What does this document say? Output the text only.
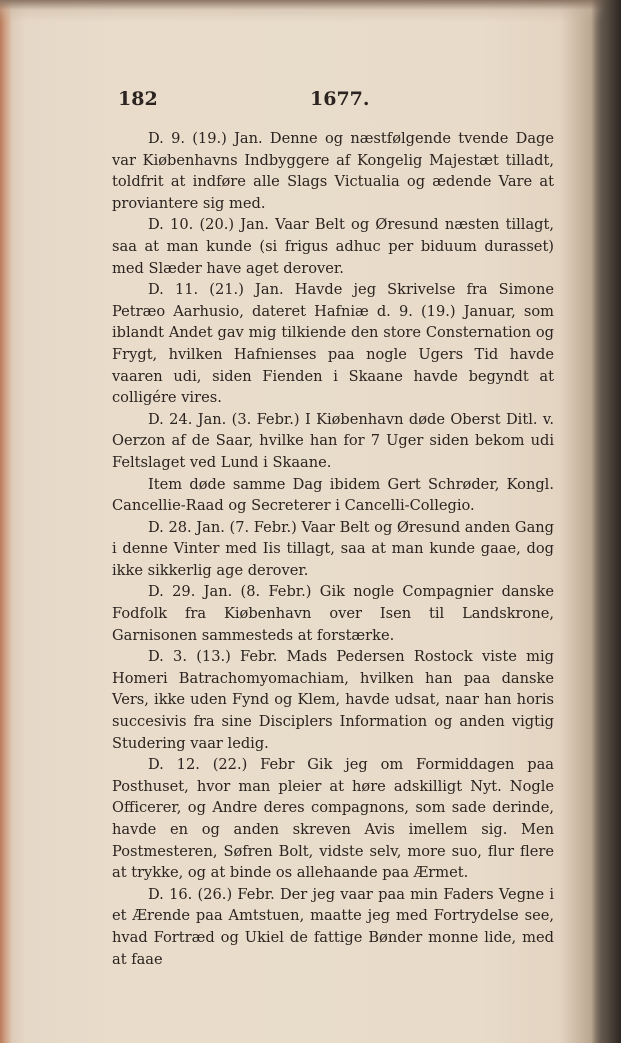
182	1677.

D. 9. (19.) Jan. Denne og næstfølgende tvende Dage var Kiøbenhavns Indbyggere af Kongelig Majestæt tilladt, toldfrit at indføre alle Slags Victualia og ædende Vare at proviantere sig med.

D. 10. (20.) Jan. Vaar Belt og Øresund næsten tillagt, saa at man kunde (si frigus adhuc per biduum durasset) med Slæder have aget derover.

D. 11. (21.) Jan. Havde jeg Skrivelse fra Simone Petræo Aarhusio, dateret Hafniæ d. 9. (19.) Januar, som iblandt Andet gav mig tilkiende den store Consternation og Frygt, hvilken Hafnienses paa nogle Ugers Tid havde vaaren udi, siden Fienden i Skaane havde begyndt at colligére vires.

D. 24. Jan. (3. Febr.) I Kiøbenhavn døde Oberst Ditl. v. Oerzon af de Saar, hvilke han for 7 Uger siden bekom udi Feltslaget ved Lund i Skaane.

Item døde samme Dag ibidem Gert Schrøder, Kongl. Cancellie-Raad og Secreterer i Cancelli-Collegio.

D. 28. Jan. (7. Febr.) Vaar Belt og Øresund anden Gang i denne Vinter med Iis tillagt, saa at man kunde gaae, dog ikke sikkerlig age derover.

D. 29. Jan. (8. Febr.) Gik nogle Compagnier danske Fodfolk fra Kiøbenhavn over Isen til Landskrone, Garnisonen sammesteds at forstærke.

D. 3. (13.) Febr. Mads Pedersen Rostock viste mig Homeri Batrachomyomachiam, hvilken han paa danske Vers, ikke uden Fynd og Klem, havde udsat, naar han horis succesivis fra sine Disciplers Information og anden vigtig Studering vaar ledig.

D. 12. (22.) Febr Gik jeg om Formiddagen paa Posthuset, hvor man pleier at høre adskilligt Nyt. Nogle Officerer, og Andre deres compagnons, som sade derinde, havde en og anden skreven Avis imellem sig. Men Postmesteren, Søfren Bolt, vidste selv, more suo, flur flere at trykke, og at binde os allehaande paa Ærmet.

D. 16. (26.) Febr. Der jeg vaar paa min Faders Vegne i et Ærende paa Amtstuen, maatte jeg med Fortrydelse see, hvad Fortræd og Ukiel de fattige Bønder monne lide, med at faae
